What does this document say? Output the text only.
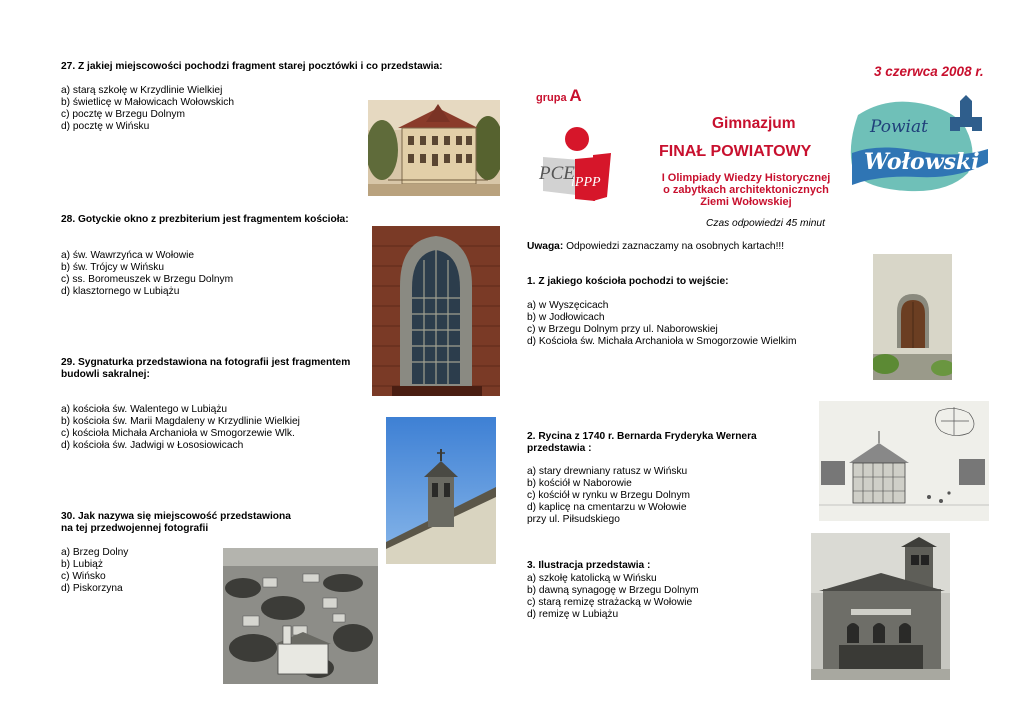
27. Z jakiej miejscowości pochodzi fragment starej pocztówki i co przedstawia:
a) starą szkołę w Krzydlinie Wielkiej
b) świetlicę w Małowicach Wołowskich
c) pocztę w Brzegu Dolnym
d) pocztę w Wińsku
28. Gotyckie okno z prezbiterium jest fragmentem kościoła:
a) św. Wawrzyńca w Wołowie
b) św. Trójcy w Wińsku
c) ss. Boromeuszek w Brzegu Dolnym
d) klasztornego w Lubiążu
29. Sygnaturka przedstawiona na fotografii jest fragmentem
budowli sakralnej:
a) kościoła św. Walentego w Lubiążu
b) kościoła św. Marii Magdaleny w Krzydlinie Wielkiej
c) kościoła Michała Archanioła w Smogorzewie Wlk.
d) kościoła św. Jadwigi w Łososiowicach
30. Jak nazywa się miejscowość przedstawiona
na tej przedwojennej fotografii
a) Brzeg Dolny
b) Lubiąż
c) Wińsko
d) Piskorzyna
3 czerwca 2008 r.
grupa A
PCE
iPPP
Gimnazjum
FINAŁ POWIATOWY
I Olimpiady Wiedzy Historycznej
o zabytkach architektonicznych
Ziemi Wołowskiej
Czas odpowiedzi 45 minut
Powiat
Wołowski
Uwaga: Odpowiedzi zaznaczamy na osobnych kartach!!!
1. Z jakiego kościoła pochodzi to wejście:
a) w Wyszęcicach
b) w Jodłowicach
c) w Brzegu Dolnym przy ul. Naborowskiej
d) Kościoła św. Michała Archanioła w Smogorzowie Wielkim
2. Rycina z 1740 r. Bernarda Fryderyka Wernera
przedstawia :
a) stary drewniany ratusz w Wińsku
b) kościół w Naborowie
c) kościół w rynku w Brzegu Dolnym
d) kaplicę na cmentarzu w Wołowie
przy ul. Piłsudskiego
3. Ilustracja przedstawia :
a) szkołę katolicką w Wińsku
b) dawną synagogę w Brzegu Dolnym
c) starą remizę strażacką w Wołowie
d) remizę w Lubiążu
